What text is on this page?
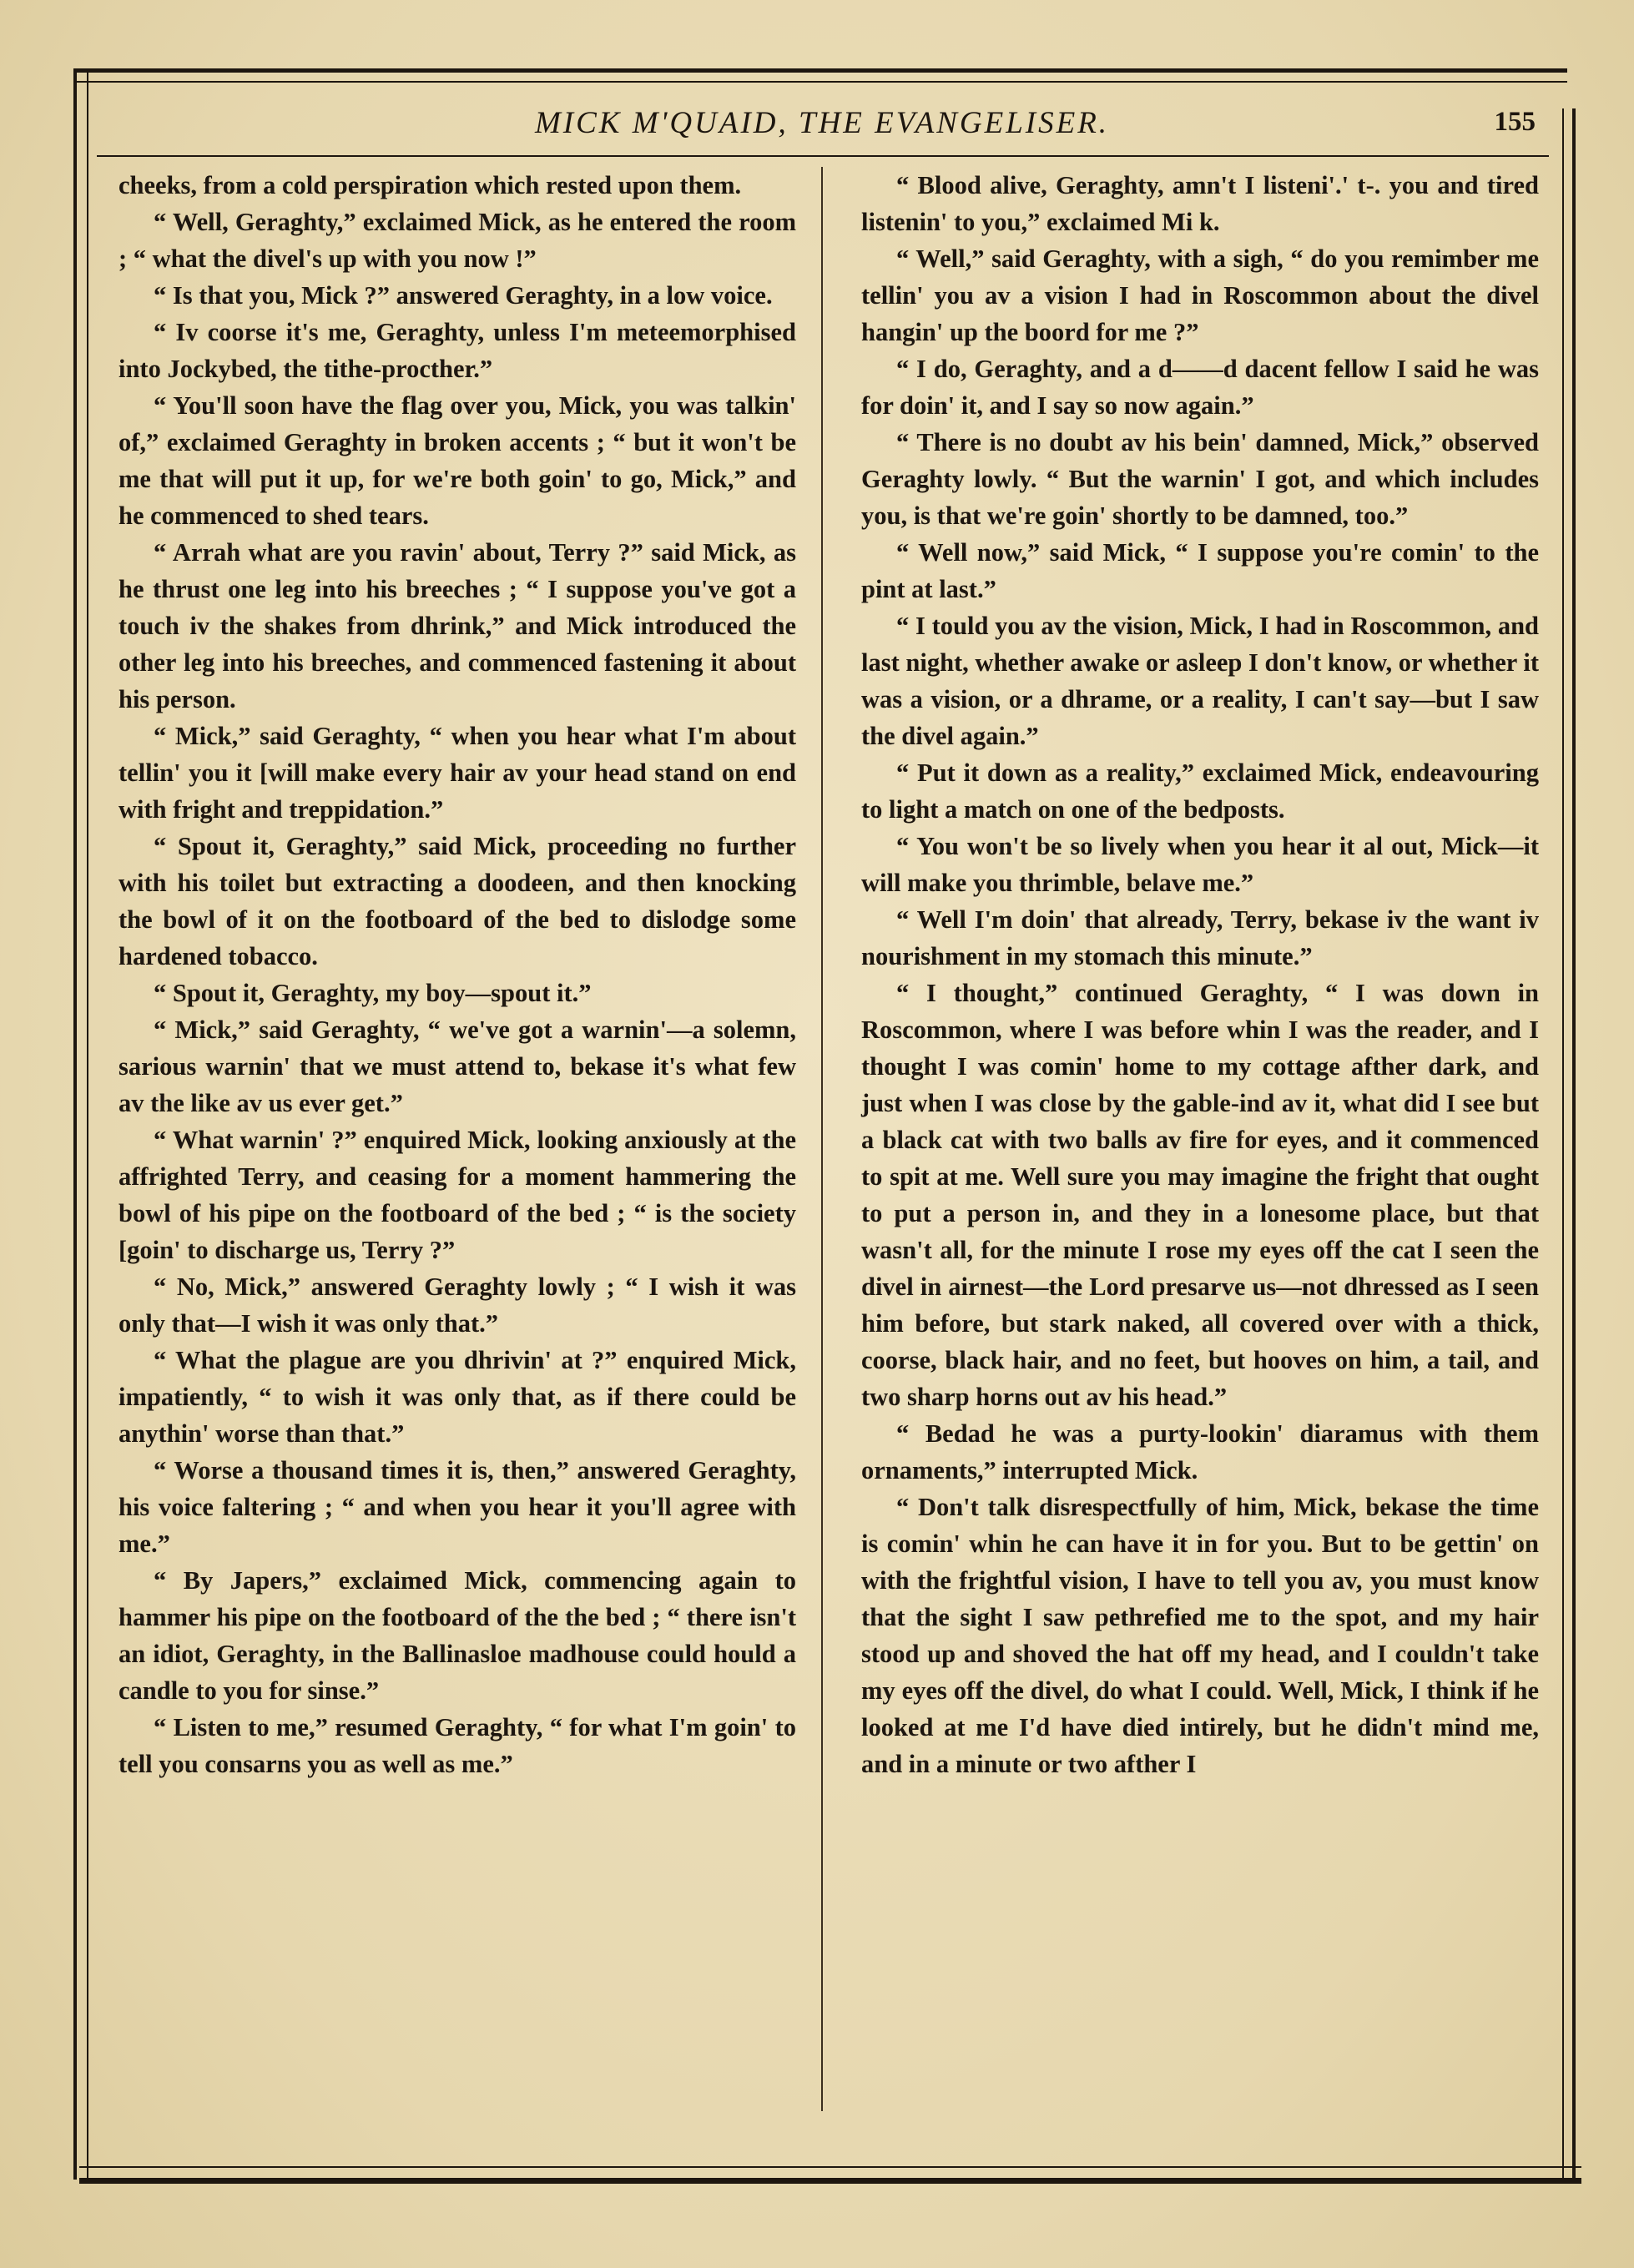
MICK M'QUAID, THE EVANGELISER.	155

cheeks, from a cold perspiration which rested upon them.

“ Well, Geraghty,” exclaimed Mick, as he entered the room ; “ what the divel's up with you now !”

“ Is that you, Mick ?” answered Geraghty, in a low voice.

“ Iv coorse it's me, Geraghty, unless I'm meteemorphised into Jockybed, the tithe-procther.”

“ You'll soon have the flag over you, Mick, you was talkin' of,” exclaimed Geraghty in broken accents ; “ but it won't be me that will put it up, for we're both goin' to go, Mick,” and he commenced to shed tears.

“ Arrah what are you ravin' about, Terry ?” said Mick, as he thrust one leg into his breeches ; “ I suppose you've got a touch iv the shakes from dhrink,” and Mick introduced the other leg into his breeches, and commenced fastening it about his person.

“ Mick,” said Geraghty, “ when you hear what I'm about tellin' you it [will make every hair av your head stand on end with fright and treppidation.”

“ Spout it, Geraghty,” said Mick, proceeding no further with his toilet but extracting a doodeen, and then knocking the bowl of it on the footboard of the bed to dislodge some hardened tobacco.

“ Spout it, Geraghty, my boy—spout it.”

“ Mick,” said Geraghty, “ we've got a warnin'—a solemn, sarious warnin' that we must attend to, bekase it's what few av the like av us ever get.”

“ What warnin' ?” enquired Mick, looking anxiously at the affrighted Terry, and ceasing for a moment hammering the bowl of his pipe on the footboard of the bed ; “ is the society [goin' to discharge us, Terry ?”

“ No, Mick,” answered Geraghty lowly ; “ I wish it was only that—I wish it was only that.”

“ What the plague are you dhrivin' at ?” enquired Mick, impatiently, “ to wish it was only that, as if there could be anythin' worse than that.”

“ Worse a thousand times it is, then,” answered Geraghty, his voice faltering ; “ and when you hear it you'll agree with me.”

“ By Japers,” exclaimed Mick, commencing again to hammer his pipe on the footboard of the the bed ; “ there isn't an idiot, Geraghty, in the Ballinasloe madhouse could hould a candle to you for sinse.”

“ Listen to me,” resumed Geraghty, “ for what I'm goin' to tell you consarns you as well as me.”

“ Blood alive, Geraghty, amn't I listeni'.' t-. you and tired listenin' to you,” exclaimed Mi k.

“ Well,” said Geraghty, with a sigh, “ do you remimber me tellin' you av a vision I had in Roscommon about the divel hangin' up the boord for me ?”

“ I do, Geraghty, and a d——d dacent fellow I said he was for doin' it, and I say so now again.”

“ There is no doubt av his bein' damned, Mick,” observed Geraghty lowly. “ But the warnin' I got, and which includes you, is that we're goin' shortly to be damned, too.”

“ Well now,” said Mick, “ I suppose you're comin' to the pint at last.”

“ I tould you av the vision, Mick, I had in Roscommon, and last night, whether awake or asleep I don't know, or whether it was a vision, or a dhrame, or a reality, I can't say—but I saw the divel again.”

“ Put it down as a reality,” exclaimed Mick, endeavouring to light a match on one of the bedposts.

“ You won't be so lively when you hear it al out, Mick—it will make you thrimble, belave me.”

“ Well I'm doin' that already, Terry, bekase iv the want iv nourishment in my stomach this minute.”

“ I thought,” continued Geraghty, “ I was down in Roscommon, where I was before whin I was the reader, and I thought I was comin' home to my cottage afther dark, and just when I was close by the gable-ind av it, what did I see but a black cat with two balls av fire for eyes, and it commenced to spit at me. Well sure you may imagine the fright that ought to put a person in, and they in a lonesome place, but that wasn't all, for the minute I rose my eyes off the cat I seen the divel in airnest—the Lord presarve us—not dhressed as I seen him before, but stark naked, all covered over with a thick, coorse, black hair, and no feet, but hooves on him, a tail, and two sharp horns out av his head.”

“ Bedad he was a purty-lookin' diaramus with them ornaments,” interrupted Mick.

“ Don't talk disrespectfully of him, Mick, bekase the time is comin' whin he can have it in for you. But to be gettin' on with the frightful vision, I have to tell you av, you must know that the sight I saw pethrefied me to the spot, and my hair stood up and shoved the hat off my head, and I couldn't take my eyes off the divel, do what I could. Well, Mick, I think if he looked at me I'd have died intirely, but he didn't mind me, and in a minute or two afther I
